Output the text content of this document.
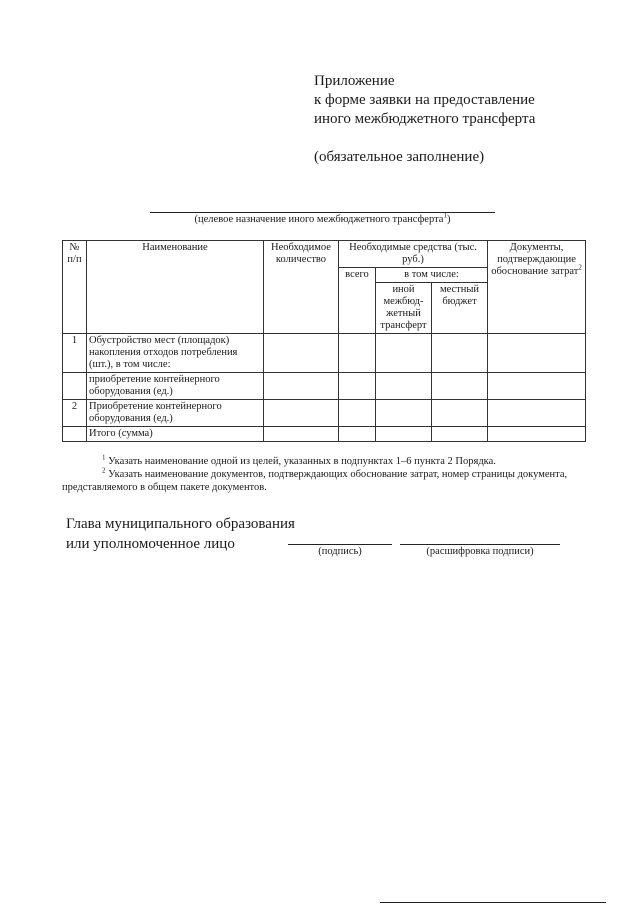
Приложение
к форме заявки на предоставление
иного межбюджетного трансферта
(обязательное заполнение)
(целевое назначение иного межбюджетного трансферта$^1$)
№ п/п	Наименование	Необходимое количество	Необходимые средства (тыс. руб.)			Документы, подтверждающие обоснование затрат$^2$
			всего	в том числе:		
				иной межбюд-жетный трансферт	местный бюджет	
1	Обустройство мест (площадок) накопления отходов потребления (шт.), в том числе:					
	приобретение контейнерного оборудования (ед.)					
2	Приобретение контейнерного оборудования (ед.)					
	Итого (сумма)					
$^1$ Указать наименование одной из целей, указанных в подпунктах 1–6 пункта 2 Порядка.
$^2$ Указать наименование документов, подтверждающих обоснование затрат, номер страницы документа, представляемого в общем пакете документов.
Глава муниципального образования
или уполномоченное лицо	(подпись)	(расшифровка подписи)
